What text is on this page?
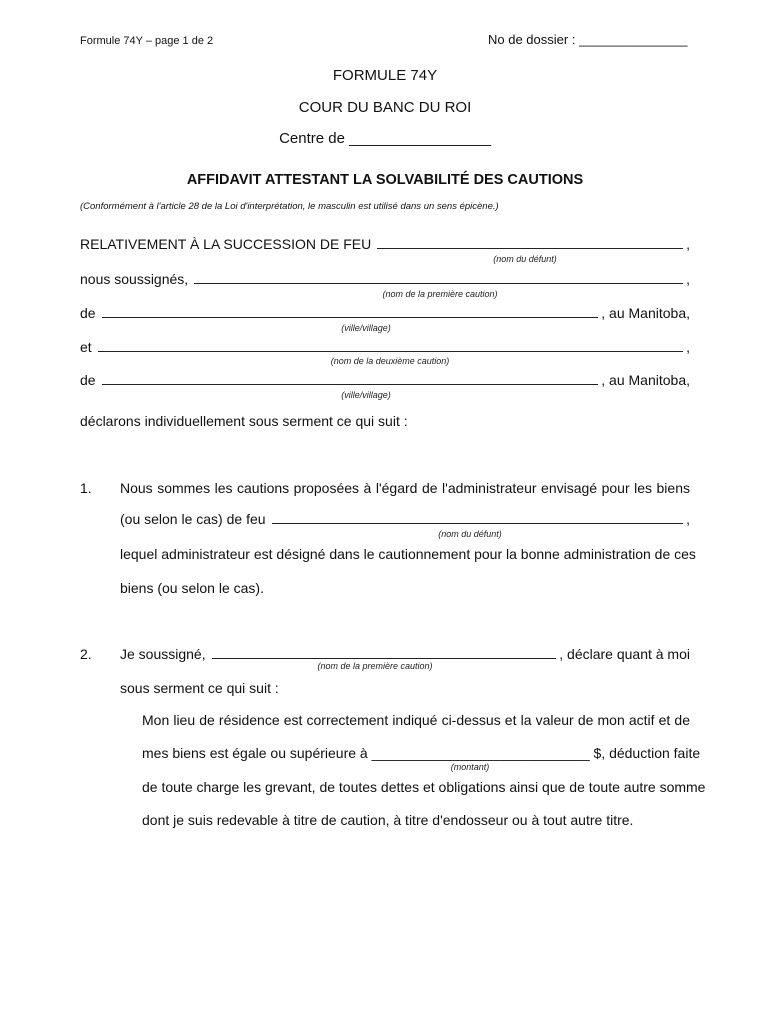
Formule 74Y – page 1 de 2	No de dossier : _______________
FORMULE 74Y
COUR DU BANC DU ROI
Centre de _________________
AFFIDAVIT ATTESTANT LA SOLVABILITÉ DES CAUTIONS
(Conformément à l'article 28 de la Loi d'interprétation, le masculin est utilisé dans un sens épicène.)
RELATIVEMENT À LA SUCCESSION DE FEU	,
(nom du défunt)
nous soussignés,	,
(nom de la première caution)
de	, au Manitoba,
(ville/village)
et	,
(nom de la deuxième caution)
de	, au Manitoba,
(ville/village)
déclarons individuellement sous serment ce qui suit :
1. Nous sommes les cautions proposées à l'égard de l'administrateur envisagé pour les biens
(ou selon le cas) de feu	,
(nom du défunt)
lequel administrateur est désigné dans le cautionnement pour la bonne administration de ces
biens (ou selon le cas).
2. Je soussigné,	, déclare quant à moi
(nom de la première caution)
sous serment ce qui suit :
Mon lieu de résidence est correctement indiqué ci-dessus et la valeur de mon actif et de
mes biens est égale ou supérieure à ____________________________ $, déduction faite
(montant)
de toute charge les grevant, de toutes dettes et obligations ainsi que de toute autre somme
dont je suis redevable à titre de caution, à titre d'endosseur ou à tout autre titre.
